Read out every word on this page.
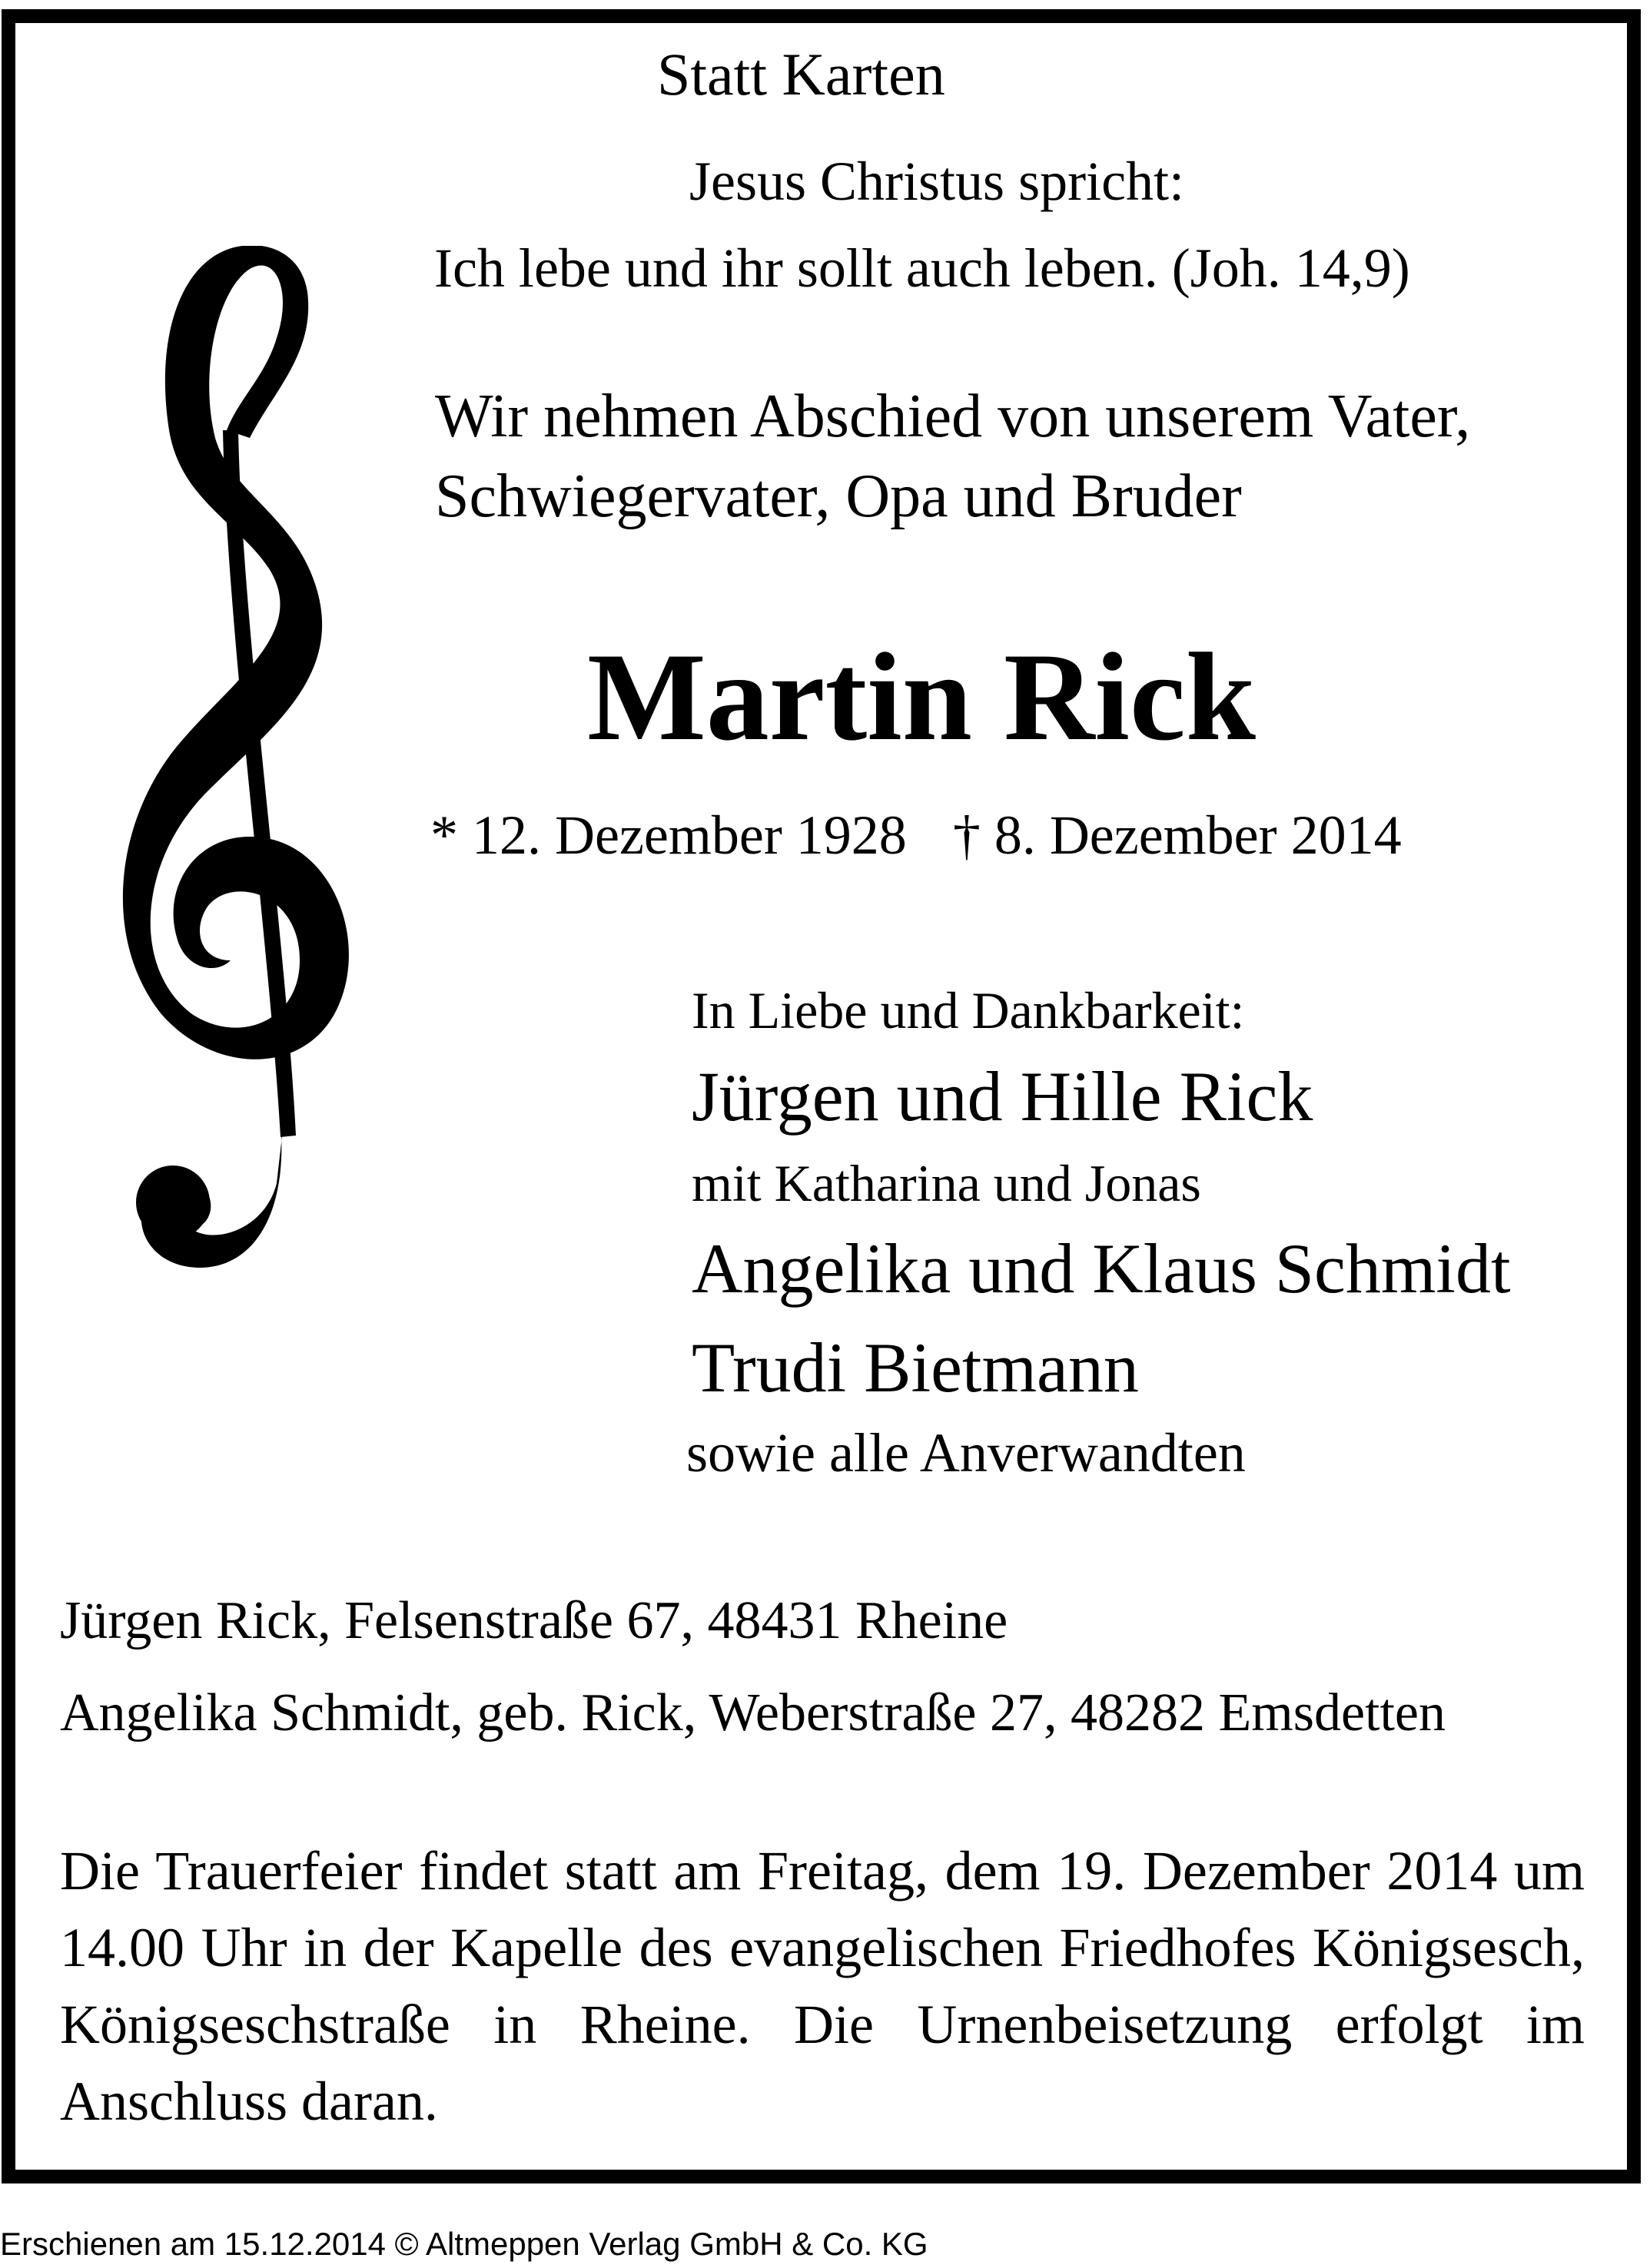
Statt Karten
Jesus Christus spricht:
Ich lebe und ihr sollt auch leben. (Joh. 14,9)
Wir nehmen Abschied von unserem Vater,
Schwiegervater, Opa und Bruder
Martin Rick
* 12. Dezember 1928 † 8. Dezember 2014
In Liebe und Dankbarkeit:
Jürgen und Hille Rick
mit Katharina und Jonas
Angelika und Klaus Schmidt
Trudi Bietmann
sowie alle Anverwandten
Jürgen Rick, Felsenstraße 67, 48431 Rheine
Angelika Schmidt, geb. Rick, Weberstraße 27, 48282 Emsdetten
Die Trauerfeier findet statt am Freitag, dem 19. Dezember 2014 um 14.00 Uhr in der Kapelle des evangelischen Friedhofes Königsesch, Königseschstraße in Rheine. Die Urnenbeisetzung erfolgt im Anschluss daran.
Erschienen am 15.12.2014 © Altmeppen Verlag GmbH & Co. KG
